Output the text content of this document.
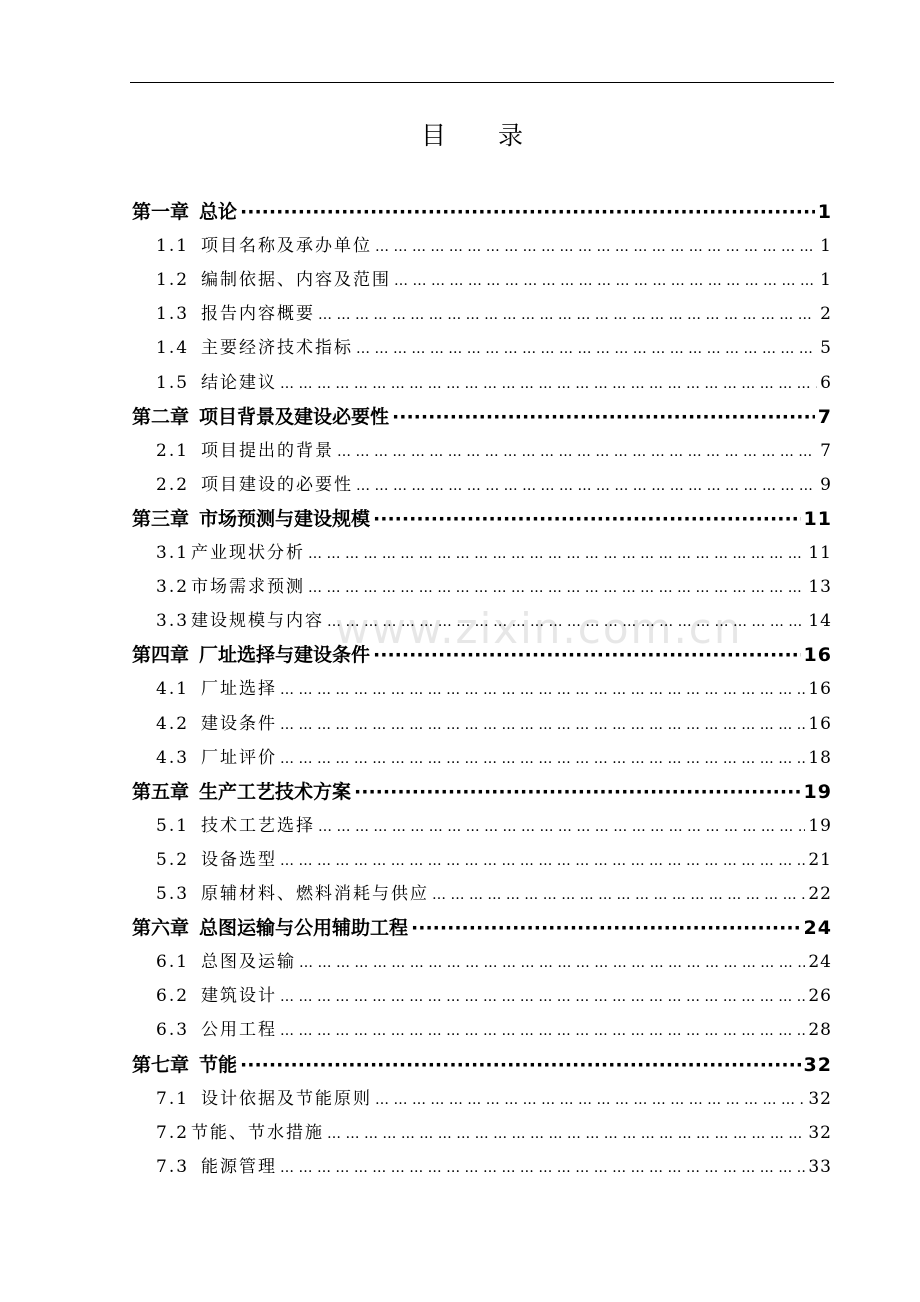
目 录
www.zixin.com.cn
第一章 总论 ·····	1
1.1 项目名称及承办单位 … … … … … … … … … … … … … … … … … … … … … … … … … … … … … … … … … … … … … … … … … … … … … … …	1
1.2 编制依据、内容及范围 … … … … … … … … … … … … … … … … … … … … … … … … … … … … … … … … … … … … … … … … … … … … … … …	1
1.3 报告内容概要 … … … … … … … … … … … … … … … … … … … … … … … … … … … … … … … … … … … … … … … … … … … … … … …	2
1.4 主要经济技术指标 … … … … … … … … … … … … … … … … … … … … … … … … … … … … … … … … … … … … … … … … … … … … … … …	5
1.5 结论建议 … … … … … … … … … … … … … … … … … … … … … … … … … … … … … … … … … … … … … … … … … … … … … … …	6
第二章 项目背景及建设必要性 ·····	7
2.1 项目提出的背景 … … … … … … … … … … … … … … … … … … … … … … … … … … … … … … … … … … … … … … … … … … … … … … …	7
2.2 项目建设的必要性 … … … … … … … … … … … … … … … … … … … … … … … … … … … … … … … … … … … … … … … … … … … … … … …	9
第三章 市场预测与建设规模 ·····	11
3.1 产业现状分析 … … … … … … … … … … … … … … … … … … … … … … … … … … … … … … … … … … … … … … … … … … … … … … …	11
3.2 市场需求预测 … … … … … … … … … … … … … … … … … … … … … … … … … … … … … … … … … … … … … … … … … … … … … … …	13
3.3 建设规模与内容 … … … … … … … … … … … … … … … … … … … … … … … … … … … … … … … … … … … … … … … … … … … … … … …	14
第四章 厂址选择与建设条件 ·····	16
4.1 厂址选择 … … … … … … … … … … … … … … … … … … … … … … … … … … … … … … … … … … … … … … … … … … … … … … …	16
4.2 建设条件 … … … … … … … … … … … … … … … … … … … … … … … … … … … … … … … … … … … … … … … … … … … … … … …	16
4.3 厂址评价 … … … … … … … … … … … … … … … … … … … … … … … … … … … … … … … … … … … … … … … … … … … … … … …	18
第五章 生产工艺技术方案 ·····	19
5.1 技术工艺选择 … … … … … … … … … … … … … … … … … … … … … … … … … … … … … … … … … … … … … … … … … … … … … … …	19
5.2 设备选型 … … … … … … … … … … … … … … … … … … … … … … … … … … … … … … … … … … … … … … … … … … … … … … …	21
5.3 原辅材料、燃料消耗与供应 … … … … … … … … … … … … … … … … … … … … … … … … … … … … … … … … … … … … … … … … … … … … … … …	22
第六章 总图运输与公用辅助工程 ·····	24
6.1 总图及运输 … … … … … … … … … … … … … … … … … … … … … … … … … … … … … … … … … … … … … … … … … … … … … … …	24
6.2 建筑设计 … … … … … … … … … … … … … … … … … … … … … … … … … … … … … … … … … … … … … … … … … … … … … … …	26
6.3 公用工程 … … … … … … … … … … … … … … … … … … … … … … … … … … … … … … … … … … … … … … … … … … … … … … …	28
第七章 节能 ·····	32
7.1 设计依据及节能原则 … … … … … … … … … … … … … … … … … … … … … … … … … … … … … … … … … … … … … … … … … … … … … … …	32
7.2 节能、节水措施 … … … … … … … … … … … … … … … … … … … … … … … … … … … … … … … … … … … … … … … … … … … … … … …	32
7.3 能源管理 … … … … … … … … … … … … … … … … … … … … … … … … … … … … … … … … … … … … … … … … … … … … … … …	33
